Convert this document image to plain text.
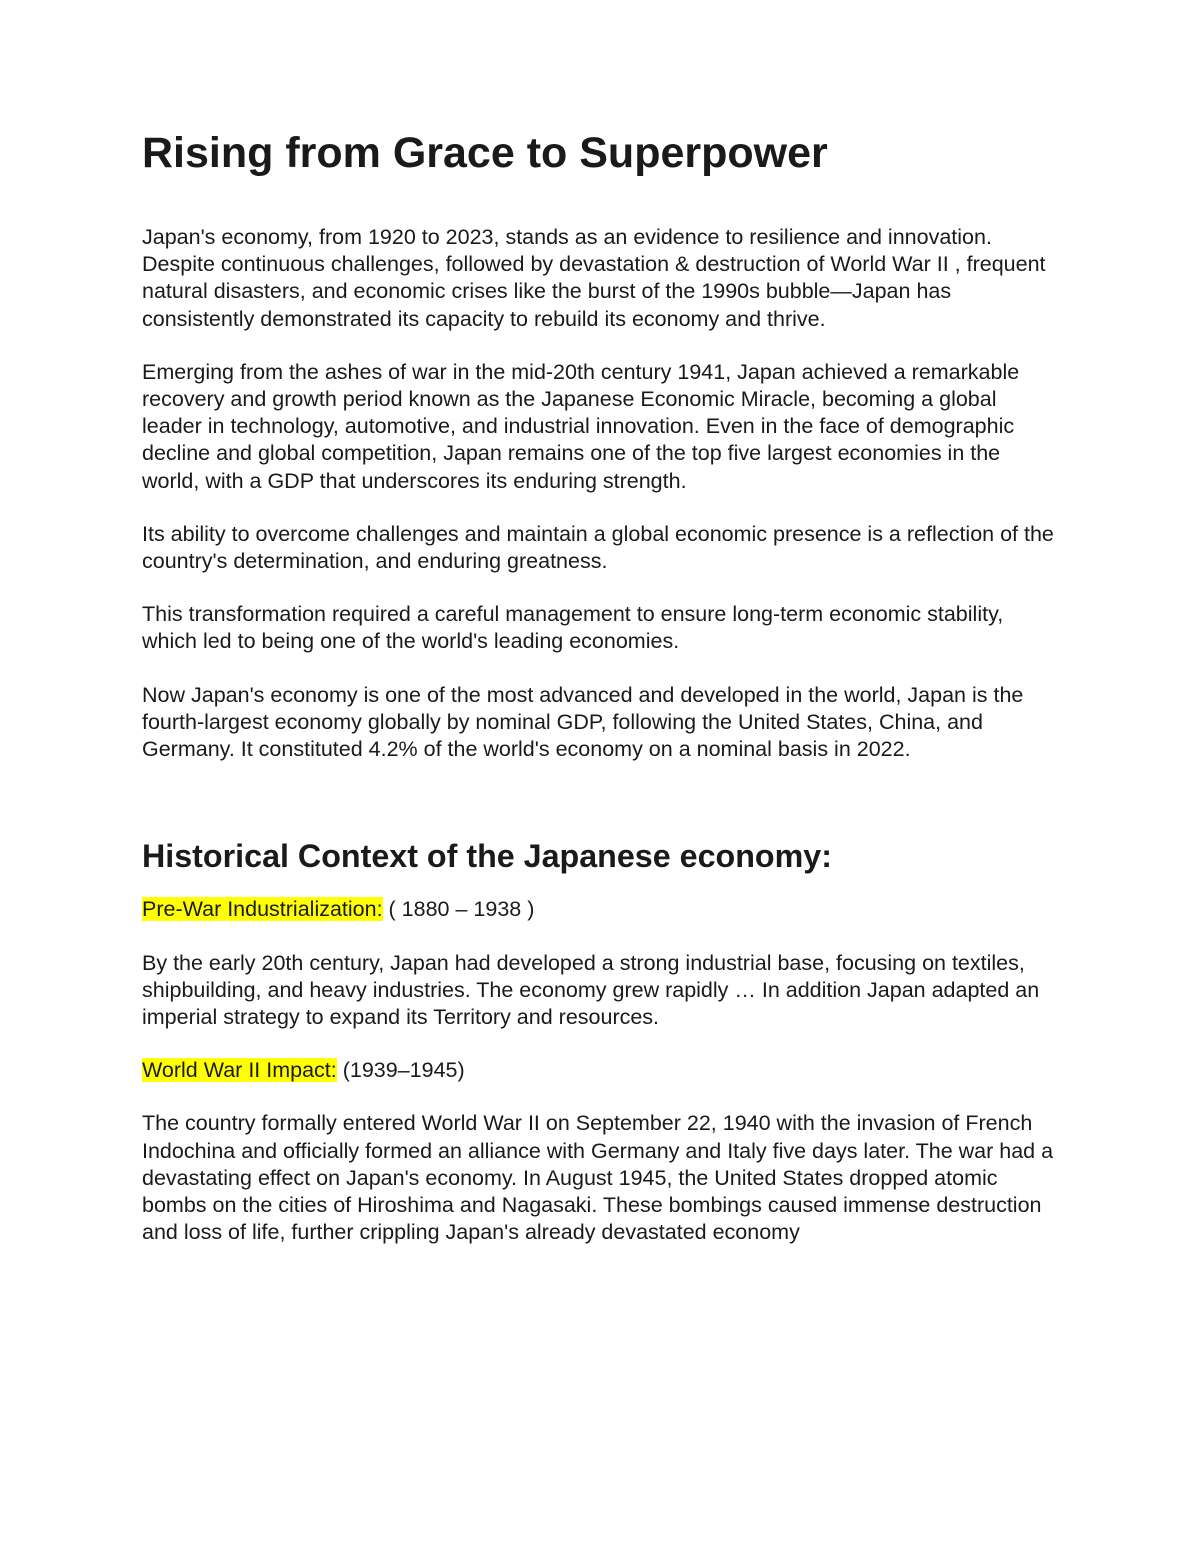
Rising from Grace to Superpower

Japan's economy, from 1920 to 2023, stands as an evidence to resilience and innovation. Despite continuous challenges, followed by devastation & destruction of World War II , frequent natural disasters, and economic crises like the burst of the 1990s bubble—Japan has consistently demonstrated its capacity to rebuild its economy and thrive.

Emerging from the ashes of war in the mid-20th century 1941, Japan achieved a remarkable recovery and growth period known as the Japanese Economic Miracle, becoming a global leader in technology, automotive, and industrial innovation. Even in the face of demographic decline and global competition, Japan remains one of the top five largest economies in the world, with a GDP that underscores its enduring strength.

Its ability to overcome challenges and maintain a global economic presence is a reflection of the country's determination, and enduring greatness.

This transformation required a careful management to ensure long-term economic stability, which led to being one of the world's leading economies.

Now Japan's economy is one of the most advanced and developed in the world, Japan is the fourth-largest economy globally by nominal GDP, following the United States, China, and Germany. It constituted 4.2% of the world's economy on a nominal basis in 2022.

Historical Context of the Japanese economy:

Pre-War Industrialization: ( 1880 – 1938 )

By the early 20th century, Japan had developed a strong industrial base, focusing on textiles, shipbuilding, and heavy industries. The economy grew rapidly … In addition Japan adapted an imperial strategy to expand its Territory and resources.

World War II Impact: (1939–1945)

The country formally entered World War II on September 22, 1940 with the invasion of French Indochina and officially formed an alliance with Germany and Italy five days later. The war had a devastating effect on Japan's economy. In August 1945, the United States dropped atomic bombs on the cities of Hiroshima and Nagasaki. These bombings caused immense destruction and loss of life, further crippling Japan's already devastated economy
